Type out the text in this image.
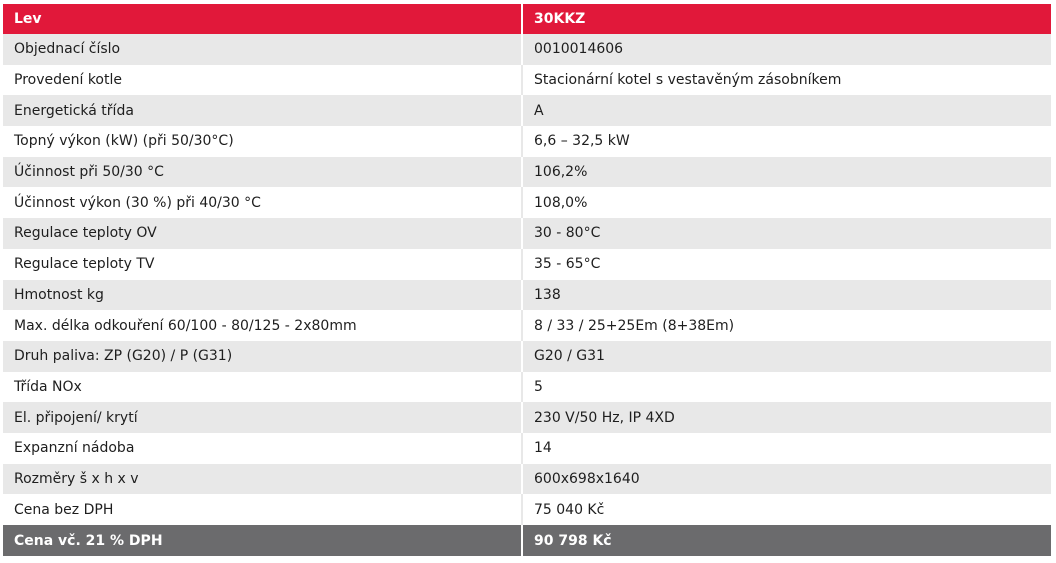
Lev	30KKZ
Objednací číslo	0010014606
Provedení kotle	Stacionární kotel s vestavěným zásobníkem
Energetická třída	A
Topný výkon (kW) (při 50/30°C)	6,6 – 32,5 kW
Účinnost při 50/30 °C	106,2%
Účinnost výkon (30 %) při 40/30 °C	108,0%
Regulace teploty OV	30 - 80°C
Regulace teploty TV	35 - 65°C
Hmotnost kg	138
Max. délka odkouření 60/100 - 80/125 - 2x80mm	8 / 33 / 25+25Em (8+38Em)
Druh paliva: ZP (G20) / P (G31)	G20 / G31
Třída NOx	5
El. připojení/ krytí	230 V/50 Hz, IP 4XD
Expanzní nádoba	14
Rozměry š x h x v	600x698x1640
Cena bez DPH	75 040 Kč
Cena vč. 21 % DPH	90 798 Kč
